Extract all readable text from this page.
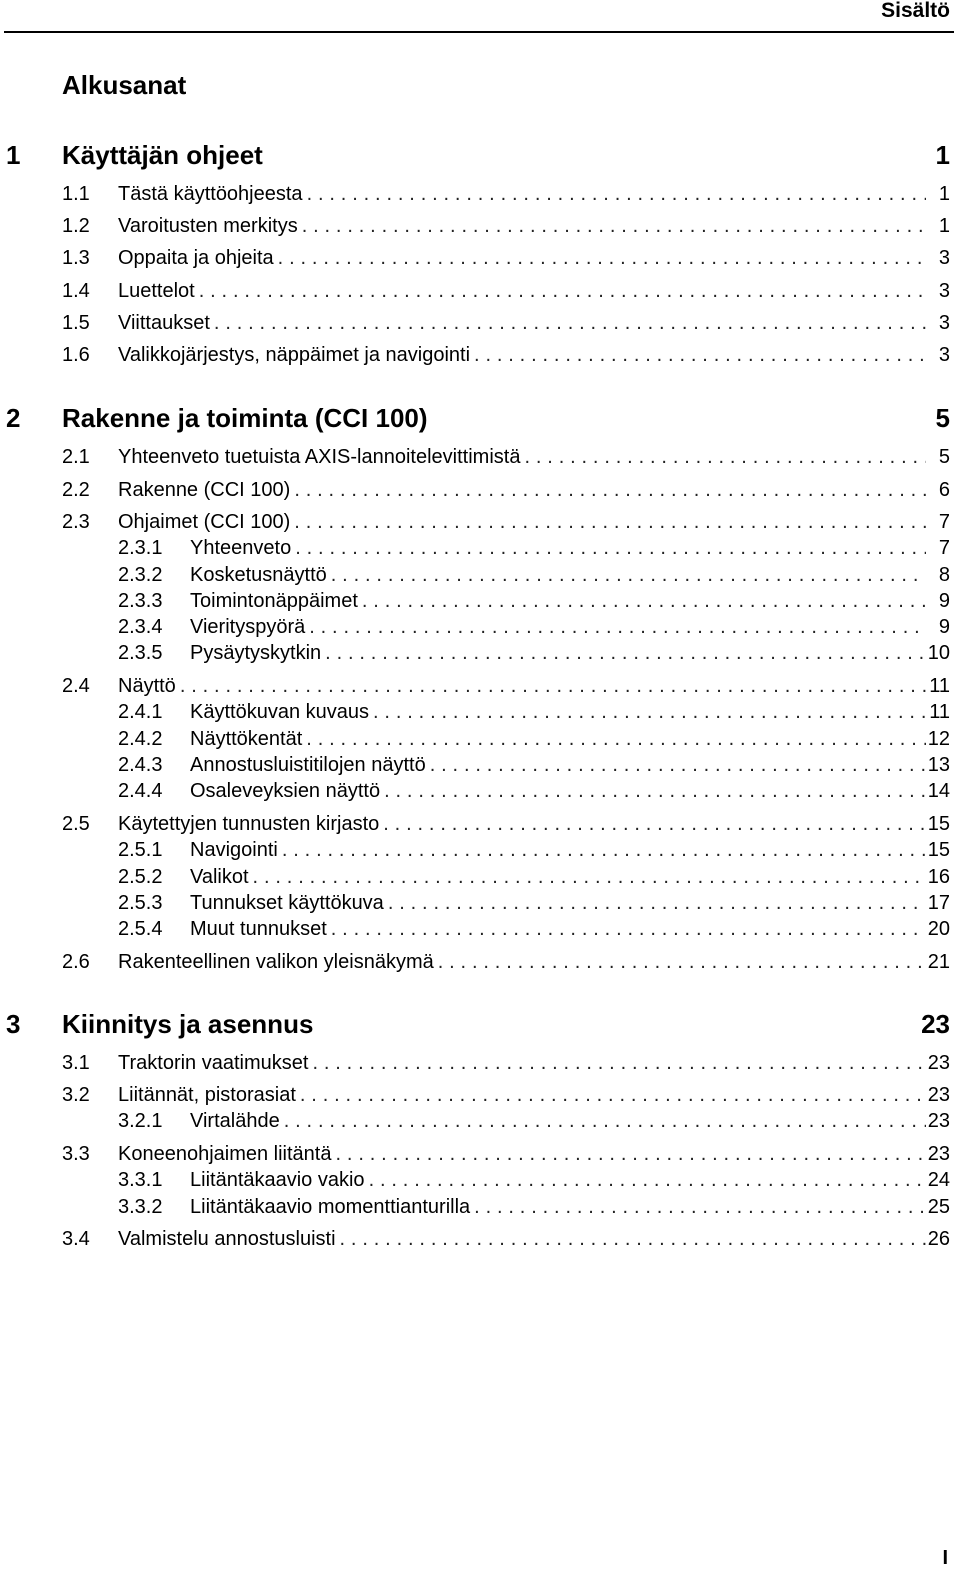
Sisältö
Alkusanat
1 Käyttäjän ohjeet	1
1.1 Tästä käyttöohjeesta . . .	1
1.2 Varoitusten merkitys . . .	1
1.3 Oppaita ja ohjeita . . .	3
1.4 Luettelot . . .	3
1.5 Viittaukset . . .	3
1.6 Valikkojärjestys, näppäimet ja navigointi . . .	3
2 Rakenne ja toiminta (CCI 100)	5
2.1 Yhteenveto tuetuista AXIS-lannoitelevittimistä . . .	5
2.2 Rakenne (CCI 100) . . .	6
2.3 Ohjaimet (CCI 100) . . .	7
2.3.1 Yhteenveto . . .	7
2.3.2 Kosketusnäyttö . . .	8
2.3.3 Toimintonäppäimet . . .	9
2.3.4 Vierityspyörä . . .	9
2.3.5 Pysäytyskytkin . . .	10
2.4 Näyttö . . .	11
2.4.1 Käyttökuvan kuvaus . . .	11
2.4.2 Näyttökentät . . .	12
2.4.3 Annostusluistitilojen näyttö . . .	13
2.4.4 Osaleveyksien näyttö . . .	14
2.5 Käytettyjen tunnusten kirjasto . . .	15
2.5.1 Navigointi . . .	15
2.5.2 Valikot . . .	16
2.5.3 Tunnukset käyttökuva . . .	17
2.5.4 Muut tunnukset . . .	20
2.6 Rakenteellinen valikon yleisnäkymä . . .	21
3 Kiinnitys ja asennus	23
3.1 Traktorin vaatimukset . . .	23
3.2 Liitännät, pistorasiat . . .	23
3.2.1 Virtalähde . . .	23
3.3 Koneenohjaimen liitäntä . . .	23
3.3.1 Liitäntäkaavio vakio . . .	24
3.3.2 Liitäntäkaavio momenttianturilla . . .	25
3.4 Valmistelu annostusluisti . . .	26
I
